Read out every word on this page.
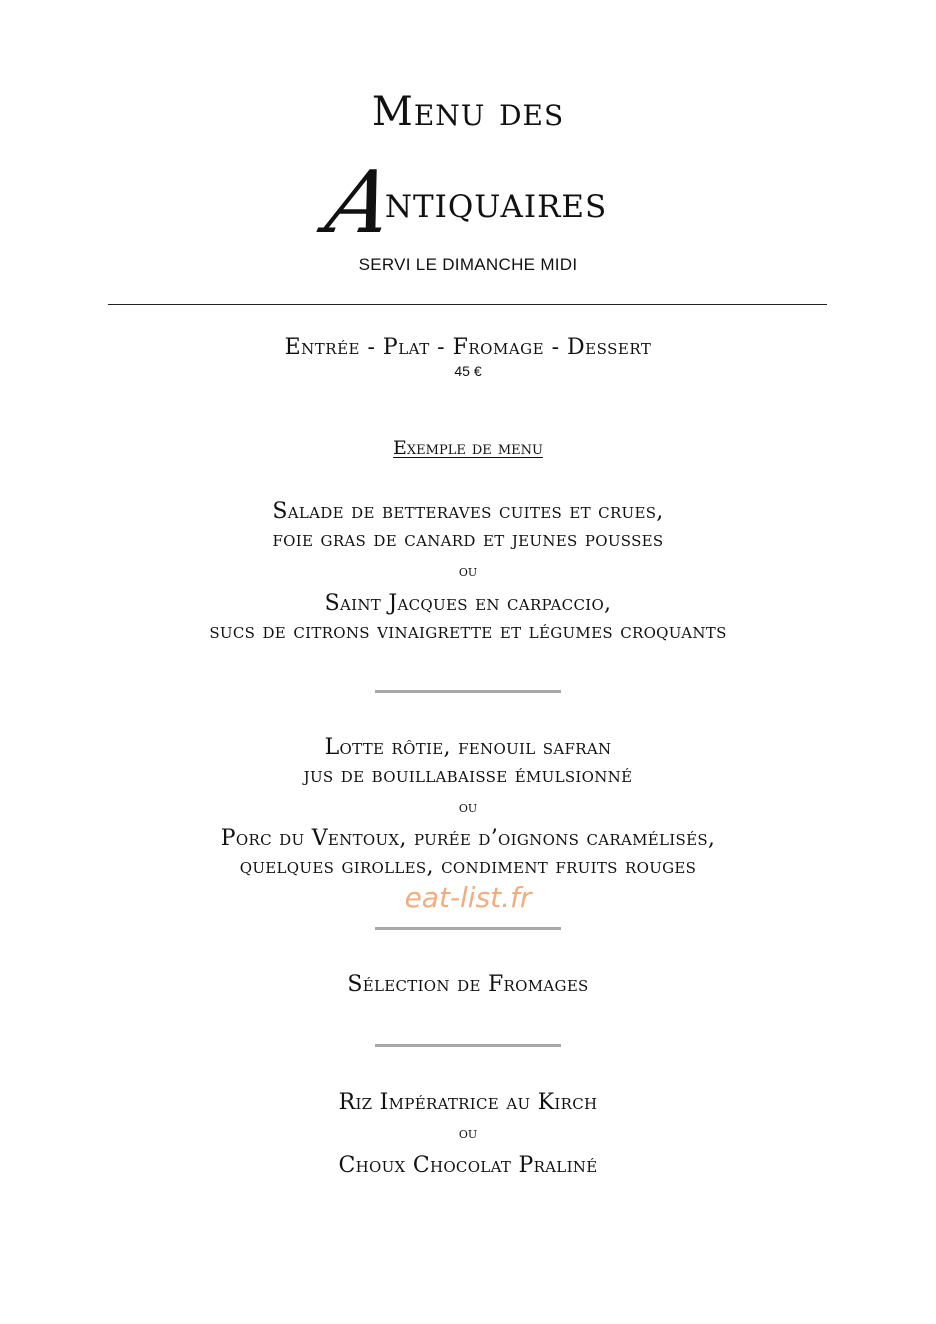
Menu des
Antiquaires
SERVI LE DIMANCHE MIDI
Entrée - Plat - Fromage - Dessert
45 €
Exemple de menu
Salade de betteraves cuites et crues,
foie gras de canard et jeunes pousses
ou
Saint Jacques en carpaccio,
sucs de citrons vinaigrette et légumes croquants
Lotte rôtie, fenouil safran
jus de bouillabaisse émulsionné
ou
Porc du Ventoux, purée d’oignons caramélisés,
quelques girolles, condiment fruits rouges
eat-list.fr
Sélection de Fromages
Riz Impératrice au Kirch
ou
Choux Chocolat Praliné
